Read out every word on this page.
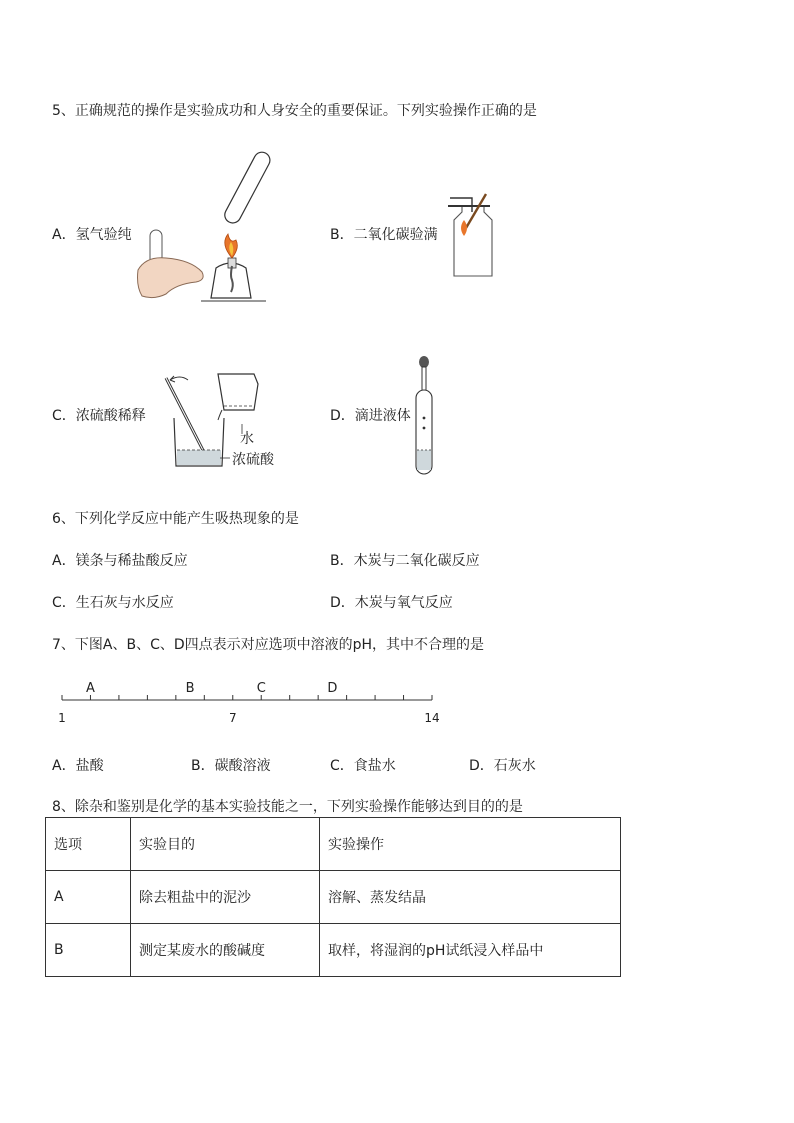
5、正确规范的操作是实验成功和人身安全的重要保证。下列实验操作正确的是
A．氢气验纯	B．二氧化碳验满
C．浓硫酸稀释	D．滴进液体
水
浓硫酸
6、下列化学反应中能产生吸热现象的是
A．镁条与稀盐酸反应	B．木炭与二氧化碳反应
C．生石灰与水反应	D．木炭与氧气反应
7、下图A、B、C、D四点表示对应选项中溶液的pH，其中不合理的是
A	B	C	D
1	7	14
A．盐酸	B．碳酸溶液	C．食盐水	D．石灰水
8、除杂和鉴别是化学的基本实验技能之一，下列实验操作能够达到目的的是
选项	实验目的	实验操作
A	除去粗盐中的泥沙	溶解、蒸发结晶
B	测定某废水的酸碱度	取样，将湿润的pH试纸浸入样品中
